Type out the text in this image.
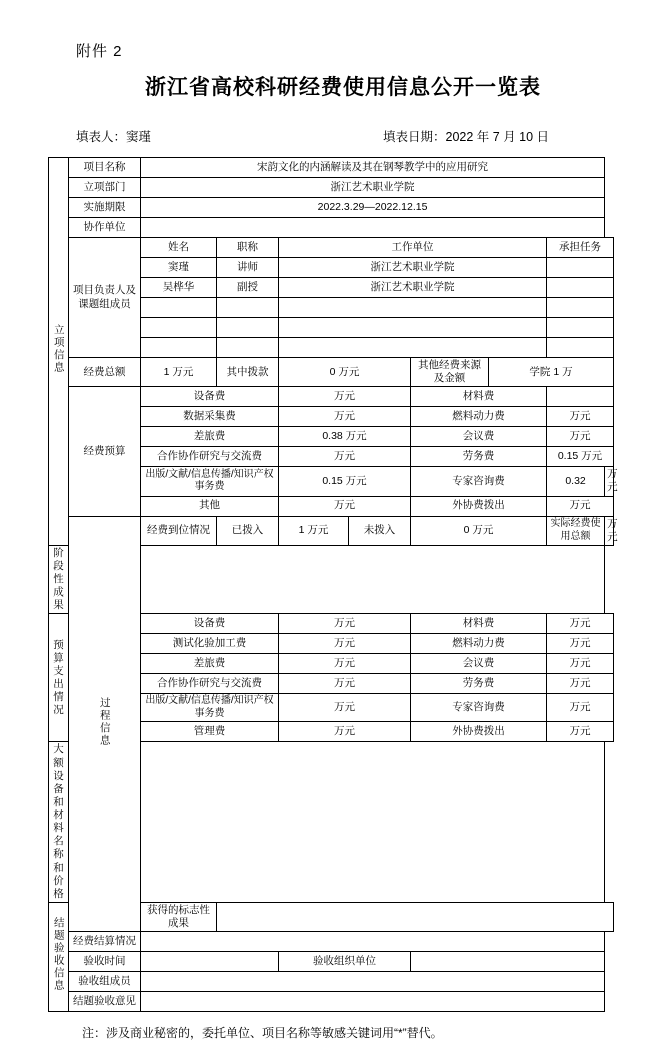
附件 2
浙江省高校科研经费使用信息公开一览表
填表人：窦瑾	填表日期：2022 年 7 月 10 日
立项信息	项目名称	宋韵文化的内涵解读及其在钢琴教学中的应用研究							
	立项部门	浙江艺术职业学院							
	实施期限	2022.3.29—2022.12.15							
	协作单位								
	项目负责人及课题组成员	姓名	职称	工作单位				承担任务	
		窦瑾	讲师	浙江艺术职业学院					
		吴桦华	副授	浙江艺术职业学院					

	经费总额	1 万元	其中拨款	0 万元		其他经费来源及金额	学院 1 万		
	经费预算	设备费		万元		材料费			
		数据采集费		万元		燃料动力费		万元	
		差旅费		0.38 万元		会议费		万元	
		合作协作研究与交流费		万元		劳务费		0.15 万元	
		出版/文献/信息传播/知识产权事务费		0.15 万元		专家咨询费		0.32	万元
		其他		万元		外协费拨出		万元	
	过程信息	经费到位情况	已拨入	1 万元	未拨入	0 万元		实际经费使用总额	万元
阶段性成果									
预算支出情况		设备费		万元		材料费		万元	
		测试化验加工费		万元		燃料动力费		万元	
		差旅费		万元		会议费		万元	
		合作协作研究与交流费		万元		劳务费		万元	
		出版/文献/信息传播/知识产权事务费		万元		专家咨询费		万元	
		管理费		万元		外协费拨出		万元	
大额设备和材料名称和价格									
结题验收信息		获得的标志性成果							
	经费结算情况								
	验收时间			验收组织单位					
	验收组成员								
	结题验收意见								
注：涉及商业秘密的，委托单位、项目名称等敏感关键词用“*”替代。
